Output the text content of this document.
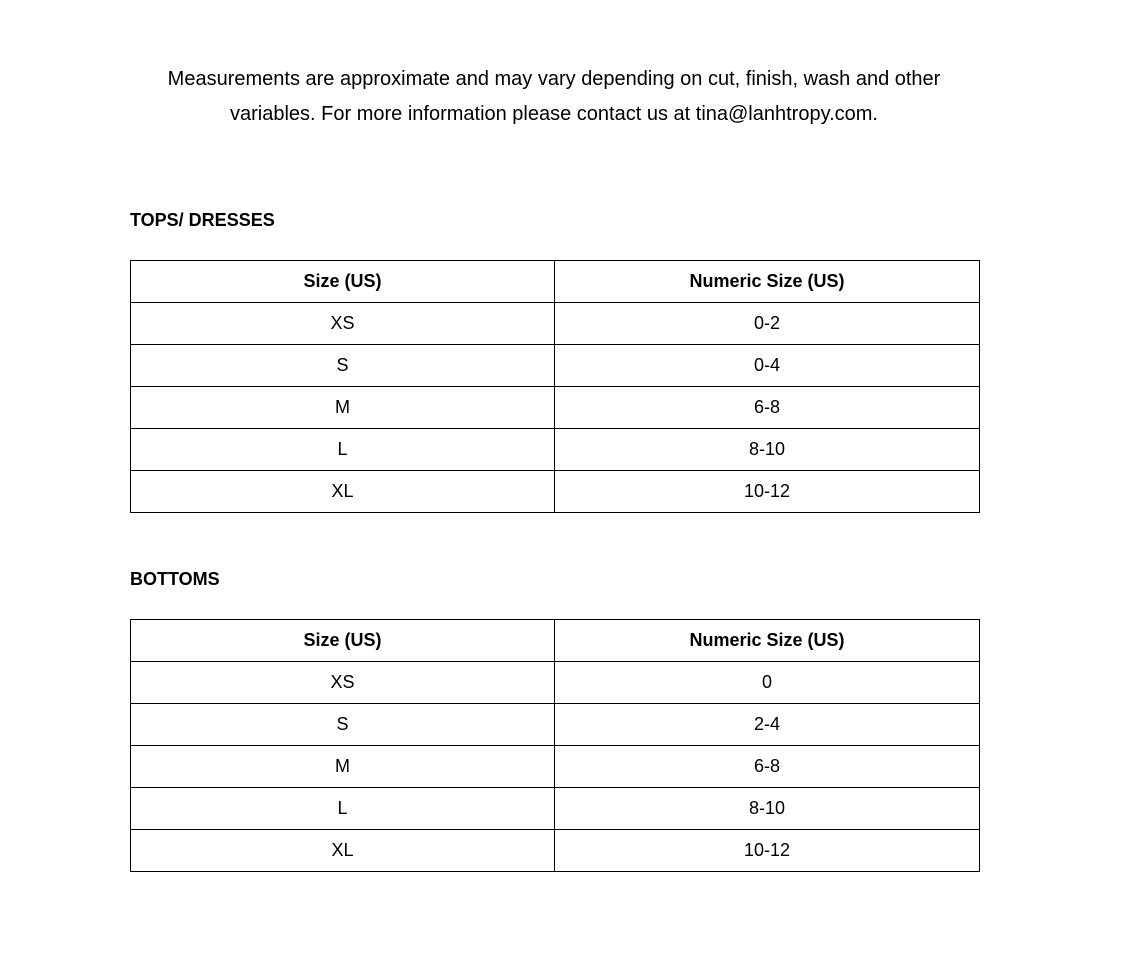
Measurements are approximate and may vary depending on cut, finish, wash and other variables. For more information please contact us at tina@lanhtropy.com.

TOPS/ DRESSES
Size (US)	Numeric Size (US)
XS	0-2
S	0-4
M	6-8
L	8-10
XL	10-12
BOTTOMS
Size (US)	Numeric Size (US)
XS	0
S	2-4
M	6-8
L	8-10
XL	10-12
